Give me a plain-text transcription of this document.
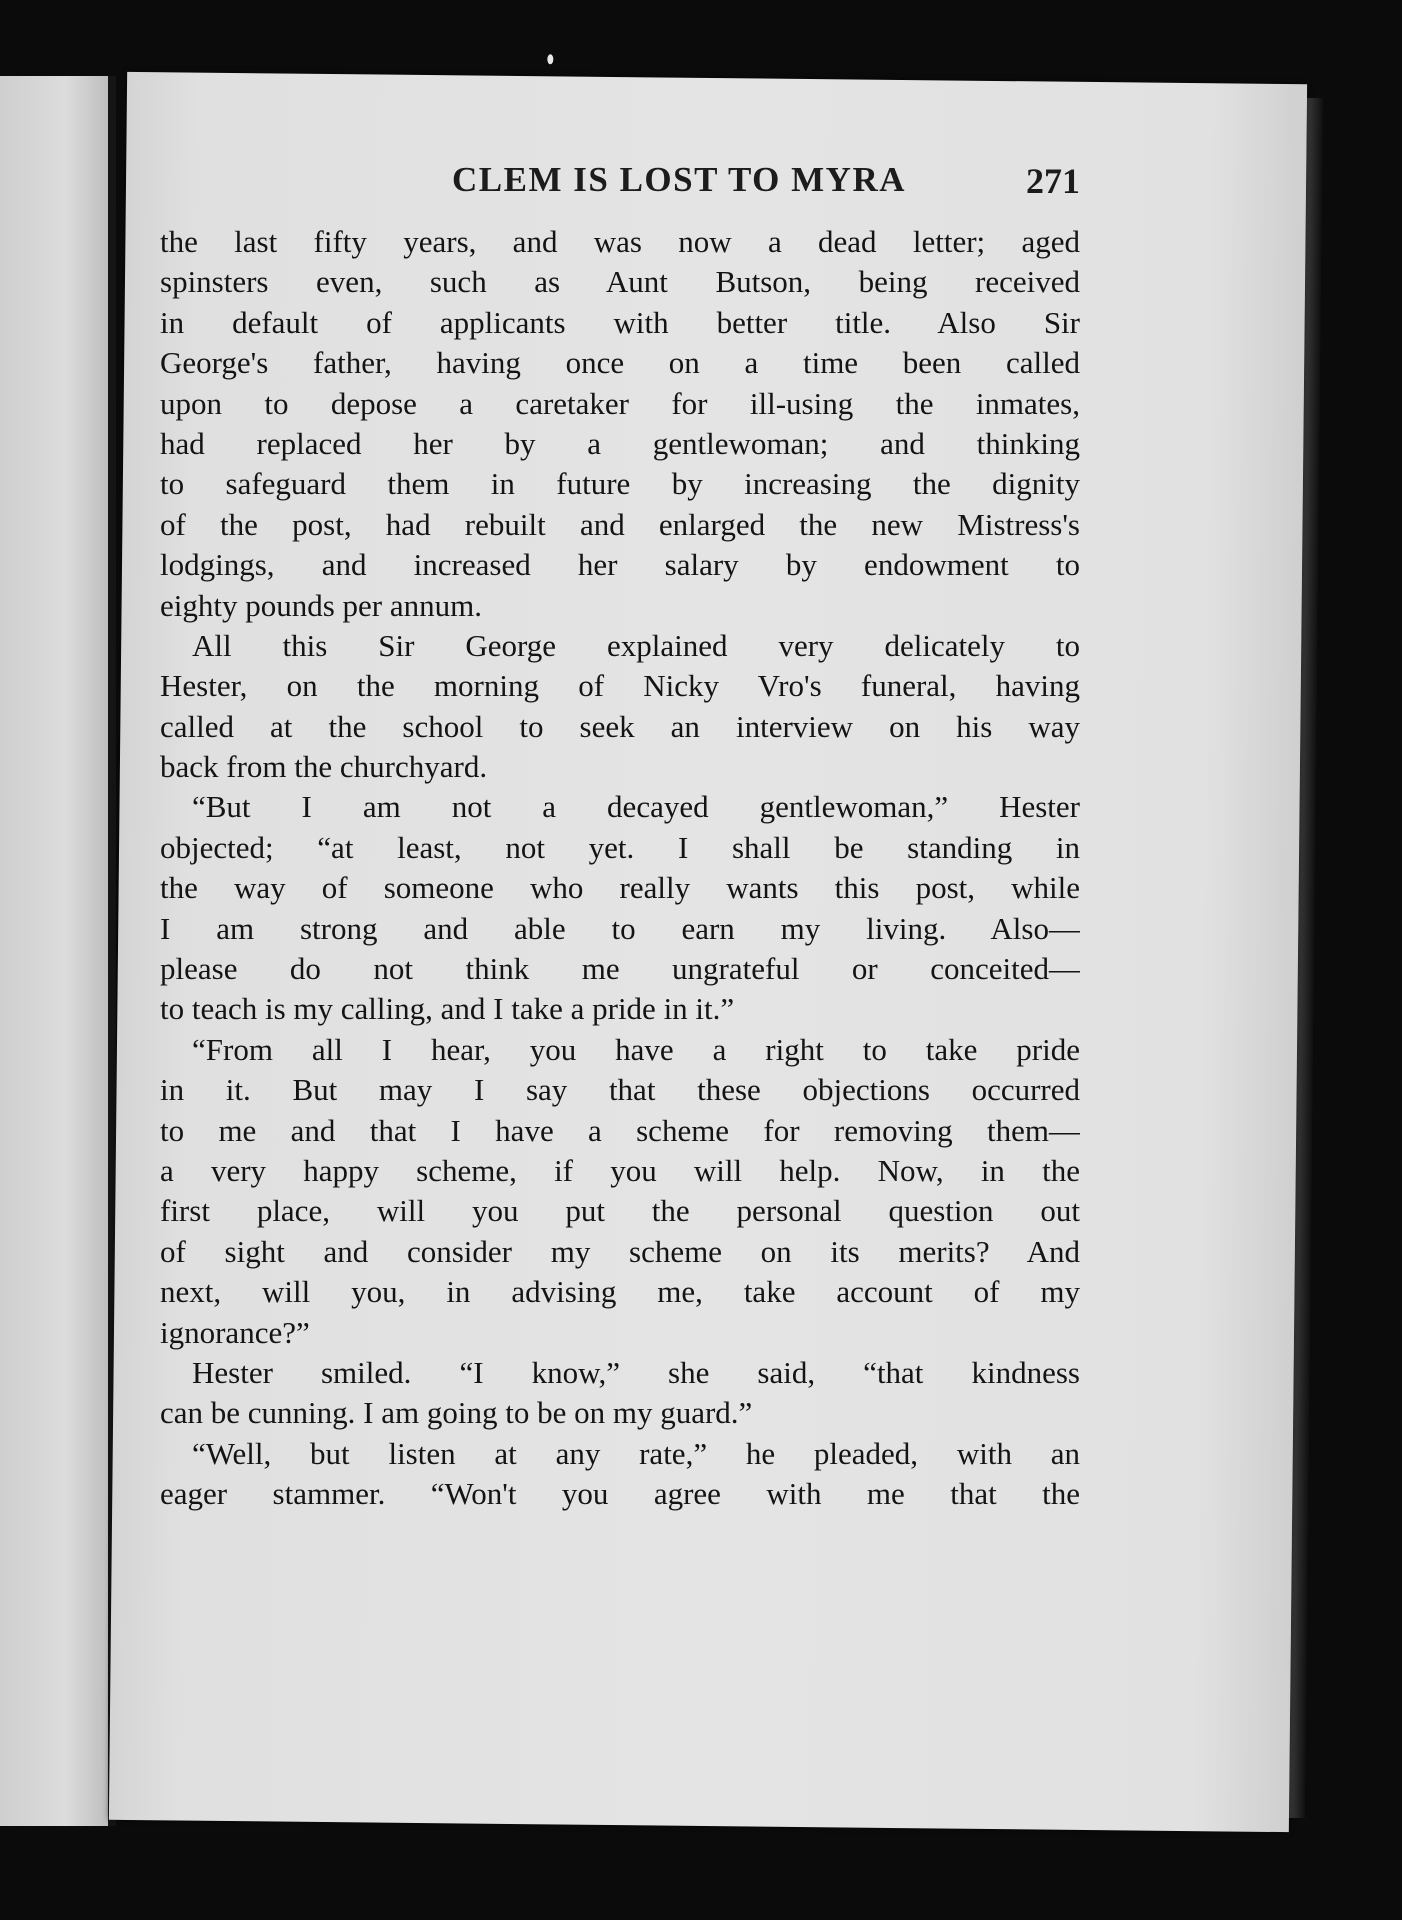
CLEM IS LOST TO MYRA	271
the last fifty years, and was now a dead letter; aged
spinsters even, such as Aunt Butson, being received
in default of applicants with better title. Also Sir
George's father, having once on a time been called
upon to depose a caretaker for ill-using the inmates,
had replaced her by a gentlewoman; and thinking
to safeguard them in future by increasing the dignity
of the post, had rebuilt and enlarged the new Mistress's
lodgings, and increased her salary by endowment to
eighty pounds per annum.
All this Sir George explained very delicately to
Hester, on the morning of Nicky Vro's funeral, having
called at the school to seek an interview on his way
back from the churchyard.
“But I am not a decayed gentlewoman,” Hester
objected; “at least, not yet. I shall be standing in
the way of someone who really wants this post, while
I am strong and able to earn my living. Also—
please do not think me ungrateful or conceited—
to teach is my calling, and I take a pride in it.”
“From all I hear, you have a right to take pride
in it. But may I say that these objections occurred
to me and that I have a scheme for removing them—
a very happy scheme, if you will help. Now, in the
first place, will you put the personal question out
of sight and consider my scheme on its merits? And
next, will you, in advising me, take account of my
ignorance?”
Hester smiled. “I know,” she said, “that kindness
can be cunning. I am going to be on my guard.”
“Well, but listen at any rate,” he pleaded, with an
eager stammer. “Won't you agree with me that the
